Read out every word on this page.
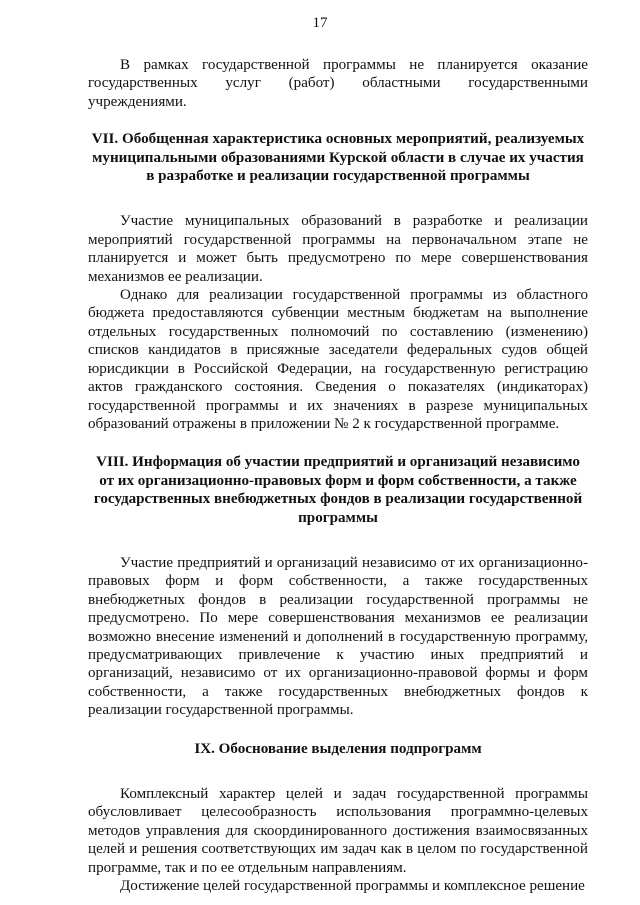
17

В рамках государственной программы не планируется оказание государственных услуг (работ) областными государственными учреждениями.

VII. Обобщенная характеристика основных мероприятий, реализуемых муниципальными образованиями Курской области в случае их участия в разработке и реализации государственной программы

Участие муниципальных образований в разработке и реализации мероприятий государственной программы на первоначальном этапе не планируется и может быть предусмотрено по мере совершенствования механизмов ее реализации.

Однако для реализации государственной программы из областного бюджета предоставляются субвенции местным бюджетам на выполнение отдельных государственных полномочий по составлению (изменению) списков кандидатов в присяжные заседатели федеральных судов общей юрисдикции в Российской Федерации, на государственную регистрацию актов гражданского состояния. Сведения о показателях (индикаторах) государственной программы и их значениях в разрезе муниципальных образований отражены в приложении № 2 к государственной программе.

VIII. Информация об участии предприятий и организаций независимо от их организационно-правовых форм и форм собственности, а также государственных внебюджетных фондов в реализации государственной программы

Участие предприятий и организаций независимо от их организационно-правовых форм и форм собственности, а также государственных внебюджетных фондов в реализации государственной программы не предусмотрено. По мере совершенствования механизмов ее реализации возможно внесение изменений и дополнений в государственную программу, предусматривающих привлечение к участию иных предприятий и организаций, независимо от их организационно-правовой формы и форм собственности, а также государственных внебюджетных фондов к реализации государственной программы.

IX. Обоснование выделения подпрограмм

Комплексный характер целей и задач государственной программы обусловливает целесообразность использования программно-целевых методов управления для скоординированного достижения взаимосвязанных целей и решения соответствующих им задач как в целом по государственной программе, так и по ее отдельным направлениям.

Достижение целей государственной программы и комплексное решение
